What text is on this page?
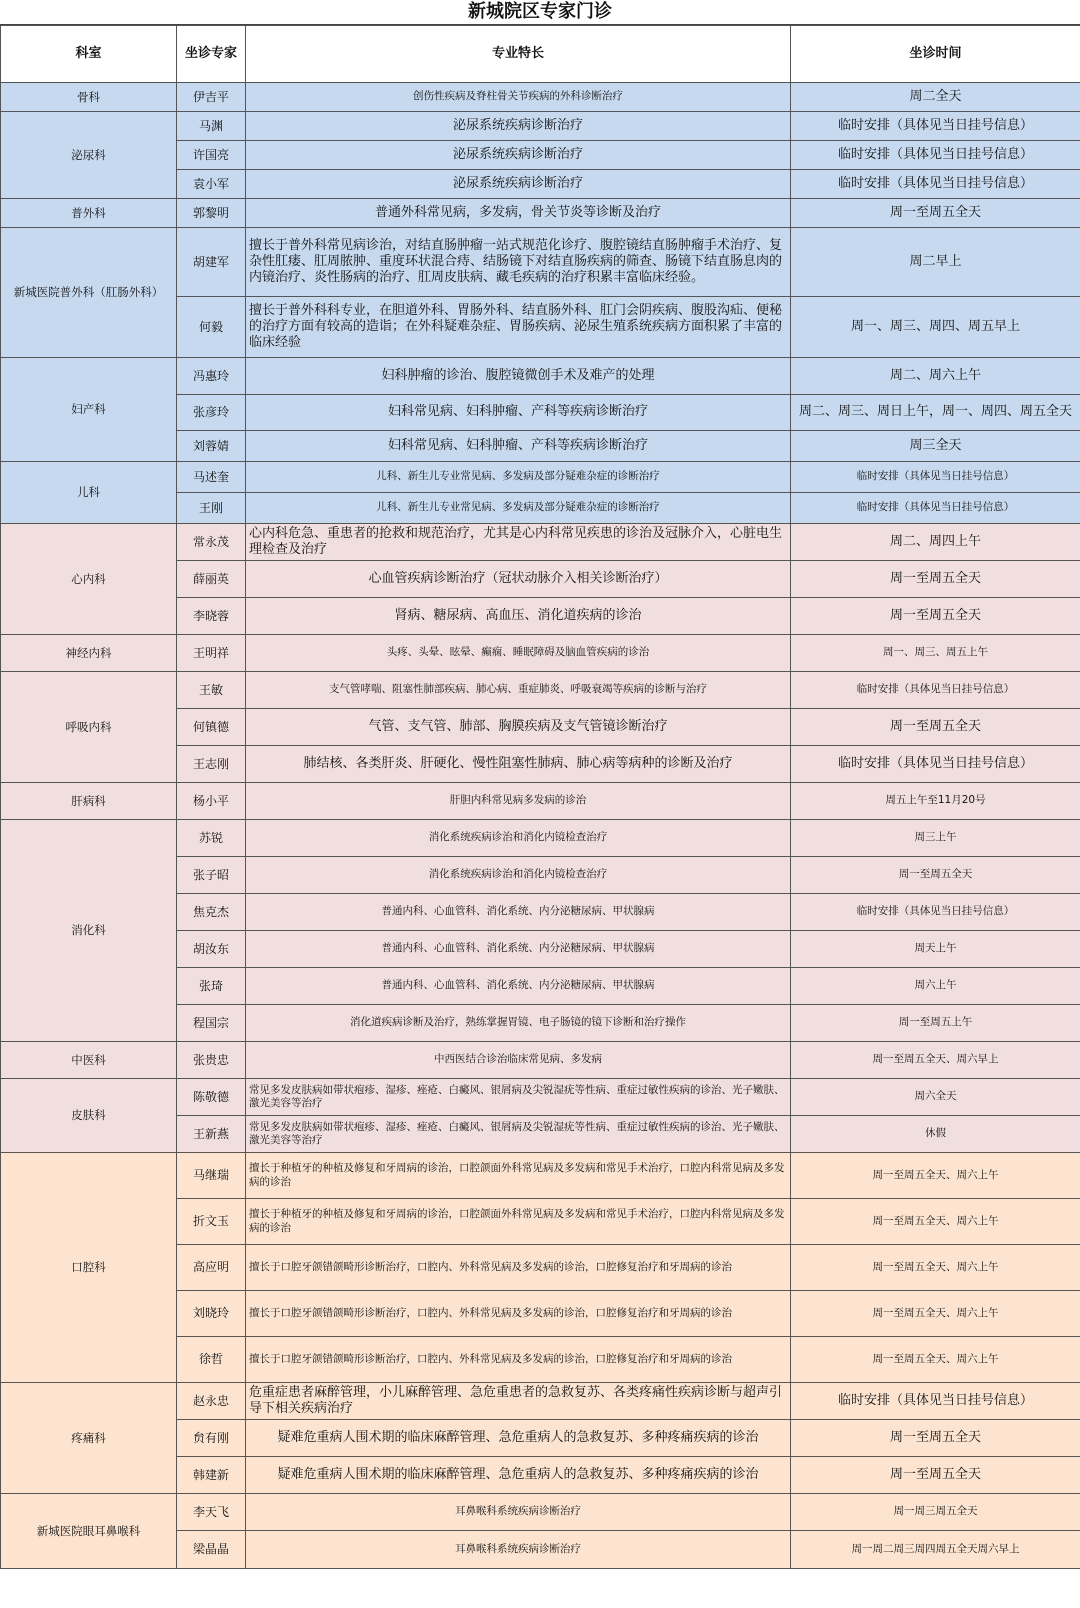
新城院区专家门诊
科室	坐诊专家	专业特长	坐诊时间
骨科	伊吉平	创伤性疾病及脊柱骨关节疾病的外科诊断治疗	周二全天
泌尿科	马渊	泌尿系统疾病诊断治疗	临时安排（具体见当日挂号信息）
	许国亮	泌尿系统疾病诊断治疗	临时安排（具体见当日挂号信息）
	袁小军	泌尿系统疾病诊断治疗	临时安排（具体见当日挂号信息）
普外科	郭黎明	普通外科常见病，多发病，骨关节炎等诊断及治疗	周一至周五全天
新城医院普外科（肛肠外科）	胡建军	擅长于普外科常见病诊治，对结直肠肿瘤一站式规范化诊疗、腹腔镜结直肠肿瘤手术治疗、复杂性肛瘘、肛周脓肿、重度环状混合痔、结肠镜下对结直肠疾病的筛查、肠镜下结直肠息肉的内镜治疗、炎性肠病的治疗、肛周皮肤病、藏毛疾病的治疗积累丰富临床经验。	周二早上
	何毅	擅长于普外科科专业，在胆道外科、胃肠外科、结直肠外科、肛门会阴疾病、腹股沟疝、便秘的治疗方面有较高的造诣；在外科疑难杂症、胃肠疾病、泌尿生殖系统疾病方面积累了丰富的临床经验	周一、周三、周四、周五早上
妇产科	冯惠玲	妇科肿瘤的诊治、腹腔镜微创手术及难产的处理	周二、周六上午
	张彦玲	妇科常见病、妇科肿瘤、产科等疾病诊断治疗	周二、周三、周日上午，周一、周四、周五全天
	刘蓉婧	妇科常见病、妇科肿瘤、产科等疾病诊断治疗	周三全天
儿科	马述奎	儿科、新生儿专业常见病、多发病及部分疑难杂症的诊断治疗	临时安排（具体见当日挂号信息）
	王刚	儿科、新生儿专业常见病、多发病及部分疑难杂症的诊断治疗	临时安排（具体见当日挂号信息）
心内科	常永茂	心内科危急、重患者的抢救和规范治疗，尤其是心内科常见疾患的诊治及冠脉介入，心脏电生理检查及治疗	周二、周四上午
	薛丽英	心血管疾病诊断治疗（冠状动脉介入相关诊断治疗）	周一至周五全天
	李晓蓉	肾病、糖尿病、高血压、消化道疾病的诊治	周一至周五全天
神经内科	王明祥	头疼、头晕、眩晕、癫痫、睡眠障碍及脑血管疾病的诊治	周一、周三、周五上午
呼吸内科	王敏	支气管哮喘、阻塞性肺部疾病、肺心病、重症肺炎、呼吸衰竭等疾病的诊断与治疗	临时安排（具体见当日挂号信息）
	何镇德	气管、支气管、肺部、胸膜疾病及支气管镜诊断治疗	周一至周五全天
	王志刚	肺结核、各类肝炎、肝硬化、慢性阻塞性肺病、肺心病等病种的诊断及治疗	临时安排（具体见当日挂号信息）
肝病科	杨小平	肝胆内科常见病多发病的诊治	周五上午至11月20号
消化科	苏锐	消化系统疾病诊治和消化内镜检查治疗	周三上午
	张子昭	消化系统疾病诊治和消化内镜检查治疗	周一至周五全天
	焦克杰	普通内科、心血管科、消化系统、内分泌糖尿病、甲状腺病	临时安排（具体见当日挂号信息）
	胡汝东	普通内科、心血管科、消化系统、内分泌糖尿病、甲状腺病	周天上午
	张琦	普通内科、心血管科、消化系统、内分泌糖尿病、甲状腺病	周六上午
	程国宗	消化道疾病诊断及治疗，熟练掌握胃镜、电子肠镜的镜下诊断和治疗操作	周一至周五上午
中医科	张贵忠	中西医结合诊治临床常见病、多发病	周一至周五全天、周六早上
皮肤科	陈敬德	常见多发皮肤病如带状疱疹、湿疹、痤疮、白癜风、银屑病及尖锐湿疣等性病、重症过敏性疾病的诊治、光子嫩肤、激光美容等治疗	周六全天
	王新燕	常见多发皮肤病如带状疱疹、湿疹、痤疮、白癜风、银屑病及尖锐湿疣等性病、重症过敏性疾病的诊治、光子嫩肤、激光美容等治疗	休假
口腔科	马继瑞	擅长于种植牙的种植及修复和牙周病的诊治，口腔颌面外科常见病及多发病和常见手术治疗，口腔内科常见病及多发病的诊治	周一至周五全天、周六上午
	折文玉	擅长于种植牙的种植及修复和牙周病的诊治，口腔颌面外科常见病及多发病和常见手术治疗，口腔内科常见病及多发病的诊治	周一至周五全天、周六上午
	高应明	擅长于口腔牙颌错颌畸形诊断治疗，口腔内、外科常见病及多发病的诊治，口腔修复治疗和牙周病的诊治	周一至周五全天、周六上午
	刘晓玲	擅长于口腔牙颌错颌畸形诊断治疗，口腔内、外科常见病及多发病的诊治，口腔修复治疗和牙周病的诊治	周一至周五全天、周六上午
	徐哲	擅长于口腔牙颌错颌畸形诊断治疗，口腔内、外科常见病及多发病的诊治，口腔修复治疗和牙周病的诊治	周一至周五全天、周六上午
疼痛科	赵永忠	危重症患者麻醉管理，小儿麻醉管理、急危重患者的急救复苏、各类疼痛性疾病诊断与超声引导下相关疾病治疗	临时安排（具体见当日挂号信息）
	贠有刚	疑难危重病人围术期的临床麻醉管理、急危重病人的急救复苏、多种疼痛疾病的诊治	周一至周五全天
	韩建新	疑难危重病人围术期的临床麻醉管理、急危重病人的急救复苏、多种疼痛疾病的诊治	周一至周五全天
新城医院眼耳鼻喉科	李天飞	耳鼻喉科系统疾病诊断治疗	周一周三周五全天
	梁晶晶	耳鼻喉科系统疾病诊断治疗	周一周二周三周四周五全天周六早上
